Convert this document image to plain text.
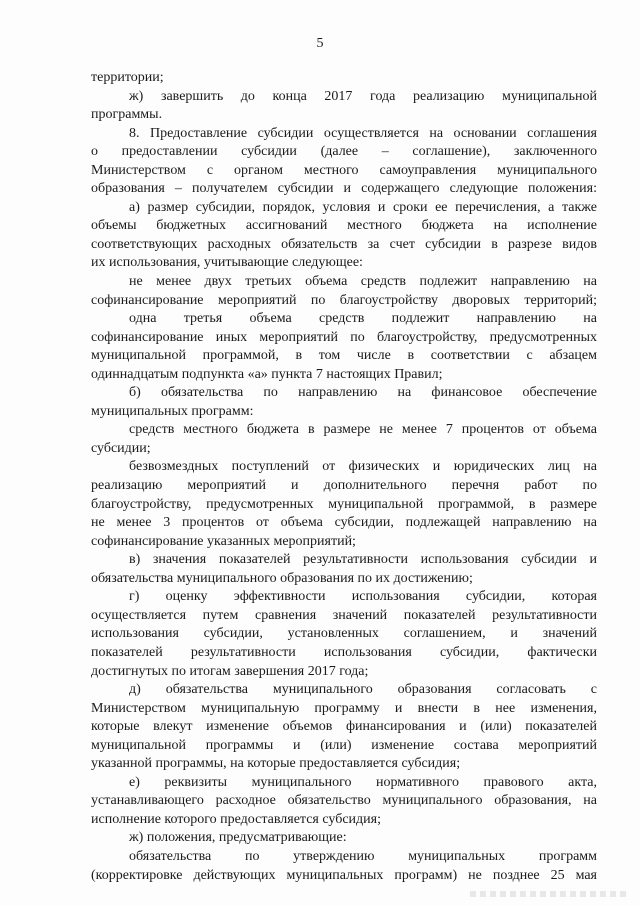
5
территории;
ж) завершить до конца 2017 года реализацию муниципальной
программы.
8. Предоставление субсидии осуществляется на основании соглашения
о предоставлении субсидии (далее – соглашение), заключенного
Министерством с органом местного самоуправления муниципального
образования – получателем субсидии и содержащего следующие положения:
а) размер субсидии, порядок, условия и сроки ее перечисления, а также
объемы бюджетных ассигнований местного бюджета на исполнение
соответствующих расходных обязательств за счет субсидии в разрезе видов
их использования, учитывающие следующее:
не менее двух третьих объема средств подлежит направлению на
софинансирование мероприятий по благоустройству дворовых территорий;
одна третья объема средств подлежит направлению на
софинансирование иных мероприятий по благоустройству, предусмотренных
муниципальной программой, в том числе в соответствии с абзацем
одиннадцатым подпункта «а» пункта 7 настоящих Правил;
б) обязательства по направлению на финансовое обеспечение
муниципальных программ:
средств местного бюджета в размере не менее 7 процентов от объема
субсидии;
безвозмездных поступлений от физических и юридических лиц на
реализацию мероприятий и дополнительного перечня работ по
благоустройству, предусмотренных муниципальной программой, в размере
не менее 3 процентов от объема субсидии, подлежащей направлению на
софинансирование указанных мероприятий;
в) значения показателей результативности использования субсидии и
обязательства муниципального образования по их достижению;
г) оценку эффективности использования субсидии, которая
осуществляется путем сравнения значений показателей результативности
использования субсидии, установленных соглашением, и значений
показателей результативности использования субсидии, фактически
достигнутых по итогам завершения 2017 года;
д) обязательства муниципального образования согласовать с
Министерством муниципальную программу и внести в нее изменения,
которые влекут изменение объемов финансирования и (или) показателей
муниципальной программы и (или) изменение состава мероприятий
указанной программы, на которые предоставляется субсидия;
е) реквизиты муниципального нормативного правового акта,
устанавливающего расходное обязательство муниципального образования, на
исполнение которого предоставляется субсидия;
ж) положения, предусматривающие:
обязательства по утверждению муниципальных программ
(корректировке действующих муниципальных программ) не позднее 25 мая
